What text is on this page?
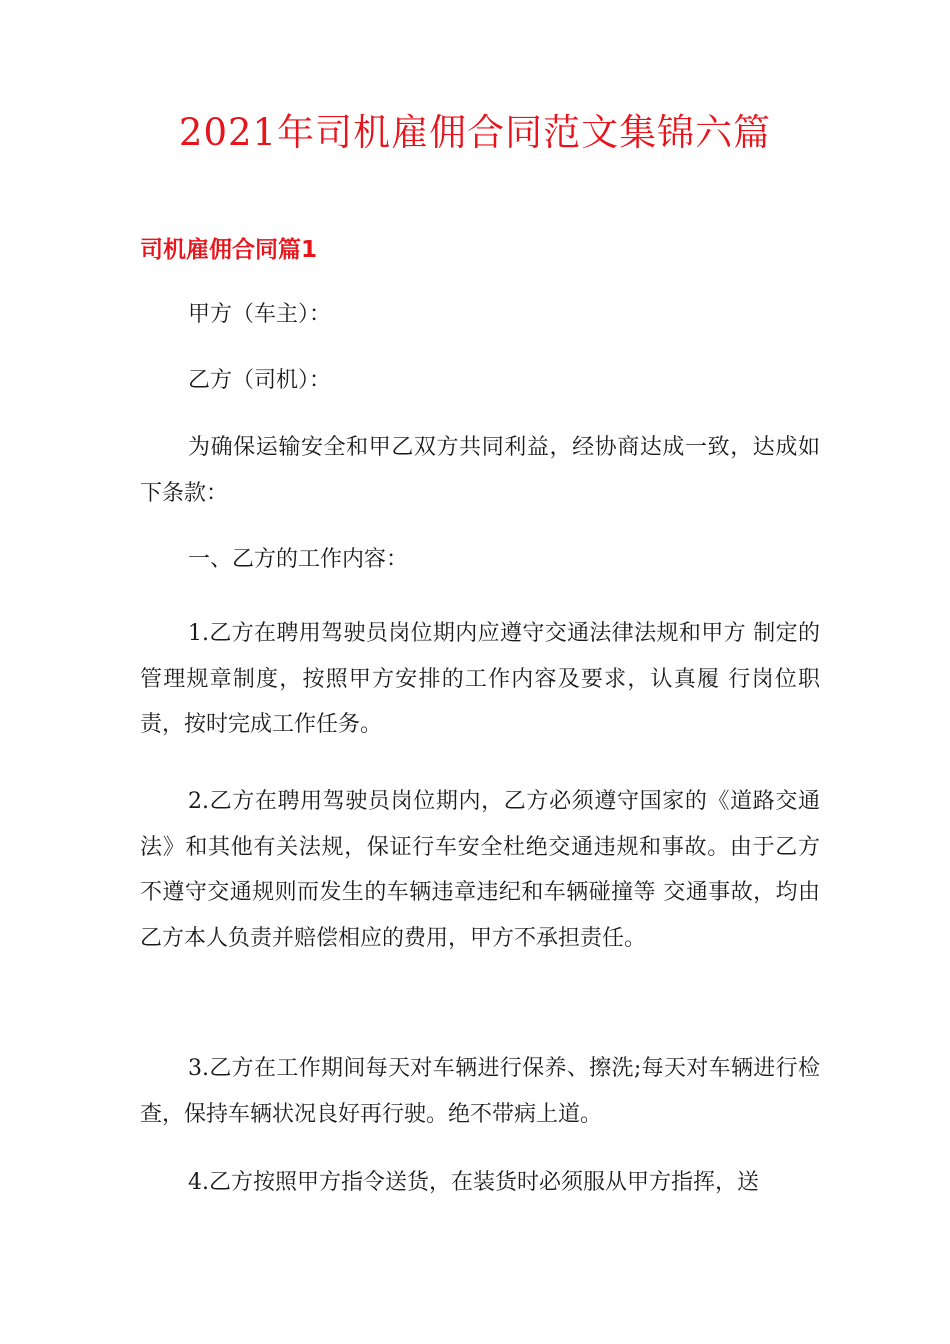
2021年司机雇佣合同范文集锦六篇
司机雇佣合同篇1

甲方（车主）：

乙方（司机）：

为确保运输安全和甲乙双方共同利益，经协商达成一致，达成如下条款：

一、乙方的工作内容：

1.乙方在聘用驾驶员岗位期内应遵守交通法律法规和甲方 制定的管理规章制度，按照甲方安排的工作内容及要求，认真履 行岗位职责，按时完成工作任务。

2.乙方在聘用驾驶员岗位期内，乙方必须遵守国家的《道路交通法》和其他有关法规，保证行车安全杜绝交通违规和事故。由于乙方不遵守交通规则而发生的车辆违章违纪和车辆碰撞等 交通事故，均由乙方本人负责并赔偿相应的费用，甲方不承担责任。

3.乙方在工作期间每天对车辆进行保养、擦洗;每天对车辆进行检查，保持车辆状况良好再行驶。绝不带病上道。

4.乙方按照甲方指令送货，在装货时必须服从甲方指挥，送
